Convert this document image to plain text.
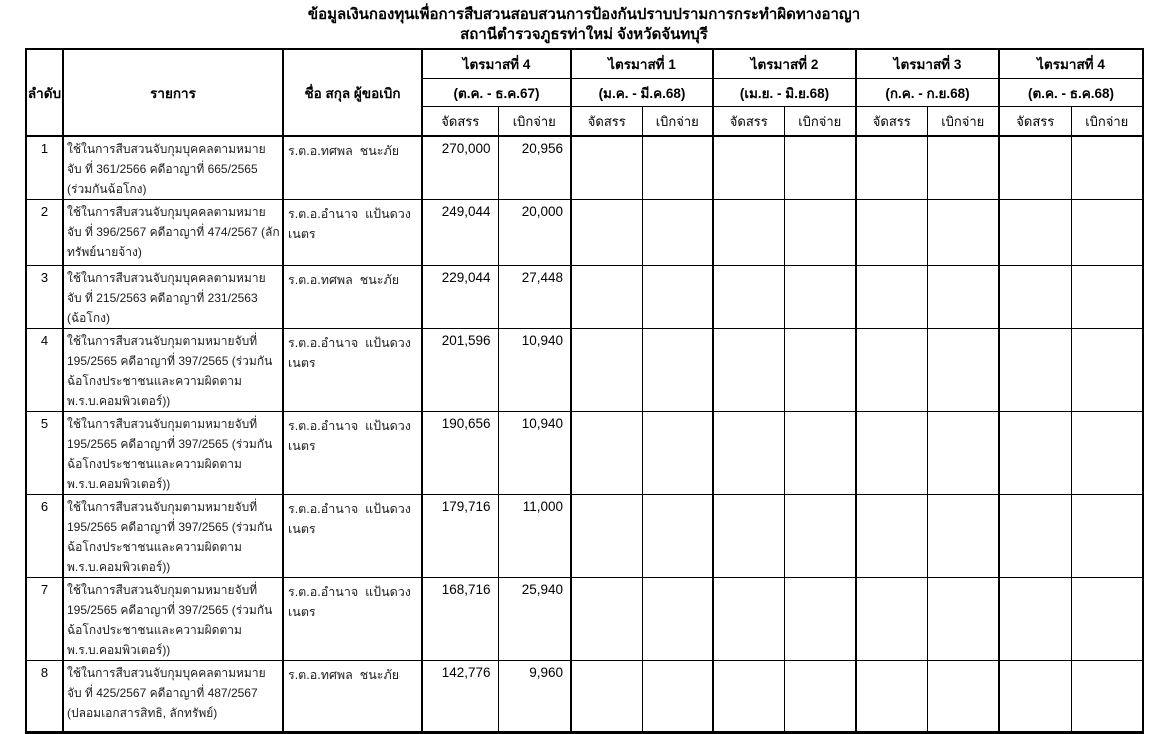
ข้อมูลเงินกองทุนเพื่อการสืบสวนสอบสวนการป้องกันปราบปรามการกระทำผิดทางอาญา
สถานีตำรวจภูธรท่าใหม่ จังหวัดจันทบุรี
ลำดับ	รายการ	ชื่อ สกุล ผู้ขอเบิก	ไตรมาสที่ 4		ไตรมาสที่ 1		ไตรมาสที่ 2		ไตรมาสที่ 3		ไตรมาสที่ 4	
			(ต.ค. - ธ.ค.67)		(ม.ค. - มี.ค.68)		(เม.ย. - มิ.ย.68)		(ก.ค. - ก.ย.68)		(ต.ค. - ธ.ค.68)	
			จัดสรร	เบิกจ่าย	จัดสรร	เบิกจ่าย	จัดสรร	เบิกจ่าย	จัดสรร	เบิกจ่าย	จัดสรร	เบิกจ่าย
1	ใช้ในการสืบสวนจับกุมบุคคลตามหมายจับ ที่ 361/2566 คดีอาญาที่ 665/2565 (ร่วมกันฉ้อโกง)	ร.ต.อ.ทศพล  ชนะภัย	270,000	20,956								
2	ใช้ในการสืบสวนจับกุมบุคคลตามหมายจับ ที่ 396/2567 คดีอาญาที่ 474/2567 (ลักทรัพย์นายจ้าง)	ร.ต.อ.อำนาจ  แป้นดวงเนตร	249,044	20,000								
3	ใช้ในการสืบสวนจับกุมบุคคลตามหมายจับ ที่ 215/2563 คดีอาญาที่ 231/2563 (ฉ้อโกง)	ร.ต.อ.ทศพล  ชนะภัย	229,044	27,448								
4	ใช้ในการสืบสวนจับกุมตามหมายจับที่ 195/2565 คดีอาญาที่ 397/2565 (ร่วมกันฉ้อโกงประชาชนและความผิดตาม พ.ร.บ.คอมพิวเตอร์))	ร.ต.อ.อำนาจ  แป้นดวงเนตร	201,596	10,940								
5	ใช้ในการสืบสวนจับกุมตามหมายจับที่ 195/2565 คดีอาญาที่ 397/2565 (ร่วมกันฉ้อโกงประชาชนและความผิดตาม พ.ร.บ.คอมพิวเตอร์))	ร.ต.อ.อำนาจ  แป้นดวงเนตร	190,656	10,940								
6	ใช้ในการสืบสวนจับกุมตามหมายจับที่ 195/2565 คดีอาญาที่ 397/2565 (ร่วมกันฉ้อโกงประชาชนและความผิดตาม พ.ร.บ.คอมพิวเตอร์))	ร.ต.อ.อำนาจ  แป้นดวงเนตร	179,716	11,000								
7	ใช้ในการสืบสวนจับกุมตามหมายจับที่ 195/2565 คดีอาญาที่ 397/2565 (ร่วมกันฉ้อโกงประชาชนและความผิดตาม พ.ร.บ.คอมพิวเตอร์))	ร.ต.อ.อำนาจ  แป้นดวงเนตร	168,716	25,940								
8	ใช้ในการสืบสวนจับกุมบุคคลตามหมายจับ ที่ 425/2567 คดีอาญาที่ 487/2567 (ปลอมเอกสารสิทธิ, ลักทรัพย์)	ร.ต.อ.ทศพล  ชนะภัย	142,776	9,960								
